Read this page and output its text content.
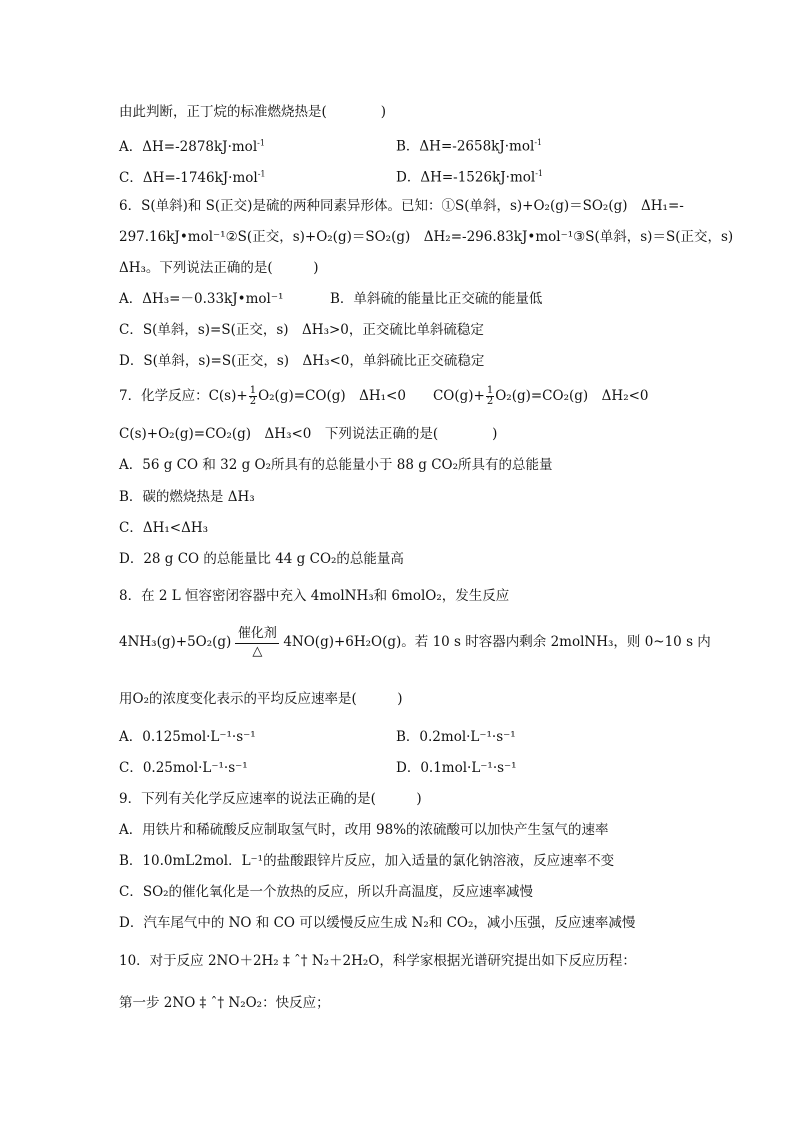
由此判断，正丁烷的标准燃烧热是(　　　　)
A．ΔH=-2878kJ·mol$^{-1}$	B．ΔH=-2658kJ·mol$^{-1}$
C．ΔH=-1746kJ·mol$^{-1}$	D．ΔH=-1526kJ·mol$^{-1}$
6．S(单斜)和 S(正交)是硫的两种同素异形体。已知：①S(单斜，s)+O₂(g)＝SO₂(g)　ΔH₁=-
297.16kJ•mol⁻¹②S(正交，s)+O₂(g)＝SO₂(g)　ΔH₂=-296.83kJ•mol⁻¹③S(单斜，s)＝S(正交，s)
ΔH₃。下列说法正确的是(　　　)
A．ΔH₃=－0.33kJ•mol⁻¹	B．单斜硫的能量比正交硫的能量低
C．S(单斜，s)=S(正交，s)　ΔH₃>0，正交硫比单斜硫稳定
D．S(单斜，s)=S(正交，s)　ΔH₃<0，单斜硫比正交硫稳定
7．化学反应：$C(s)+ \frac{1}{2} O_2(g)=CO(g)$　ΔH₁<0　　$CO(g)+ \frac{1}{2} O_2(g)=CO_2(g)$　ΔH₂<0
C(s)+O₂(g)=CO₂(g)　ΔH₃<0　下列说法正确的是(　　　　)
A．56 g CO 和 32 g O₂所具有的总能量小于 88 g CO₂所具有的总能量
B．碳的燃烧热是 ΔH₃
C．ΔH₁<ΔH₃
D．28 g CO 的总能量比 44 g CO₂的总能量高
8．在 2 L 恒容密闭容器中充入 4molNH₃和 6molO₂，发生反应
4NH₃(g)+5O₂(g)
催化剂
△
4NO(g)+6H₂O(g)。若 10 s 时容器内剩余 2molNH₃，则 0~10 s 内
用O₂的浓度变化表示的平均反应速率是(　　　)
A．0.125mol·L⁻¹·s⁻¹	B．0.2mol·L⁻¹·s⁻¹
C．0.25mol·L⁻¹·s⁻¹	D．0.1mol·L⁻¹·s⁻¹
9．下列有关化学反应速率的说法正确的是(　　　)
A．用铁片和稀硫酸反应制取氢气时，改用 98%的浓硫酸可以加快产生氢气的速率
B．10.0mL2mol．L⁻¹的盐酸跟锌片反应，加入适量的氯化钠溶液，反应速率不变
C．SO₂的催化氧化是一个放热的反应，所以升高温度，反应速率减慢
D．汽车尾气中的 NO 和 CO 可以缓慢反应生成 N₂和 CO₂，减小压强，反应速率减慢
10．对于反应 2NO＋2H₂ ‡ ˆ† N₂＋2H₂O，科学家根据光谱研究提出如下反应历程：
第一步 2NO ‡ ˆ† N₂O₂：快反应；
